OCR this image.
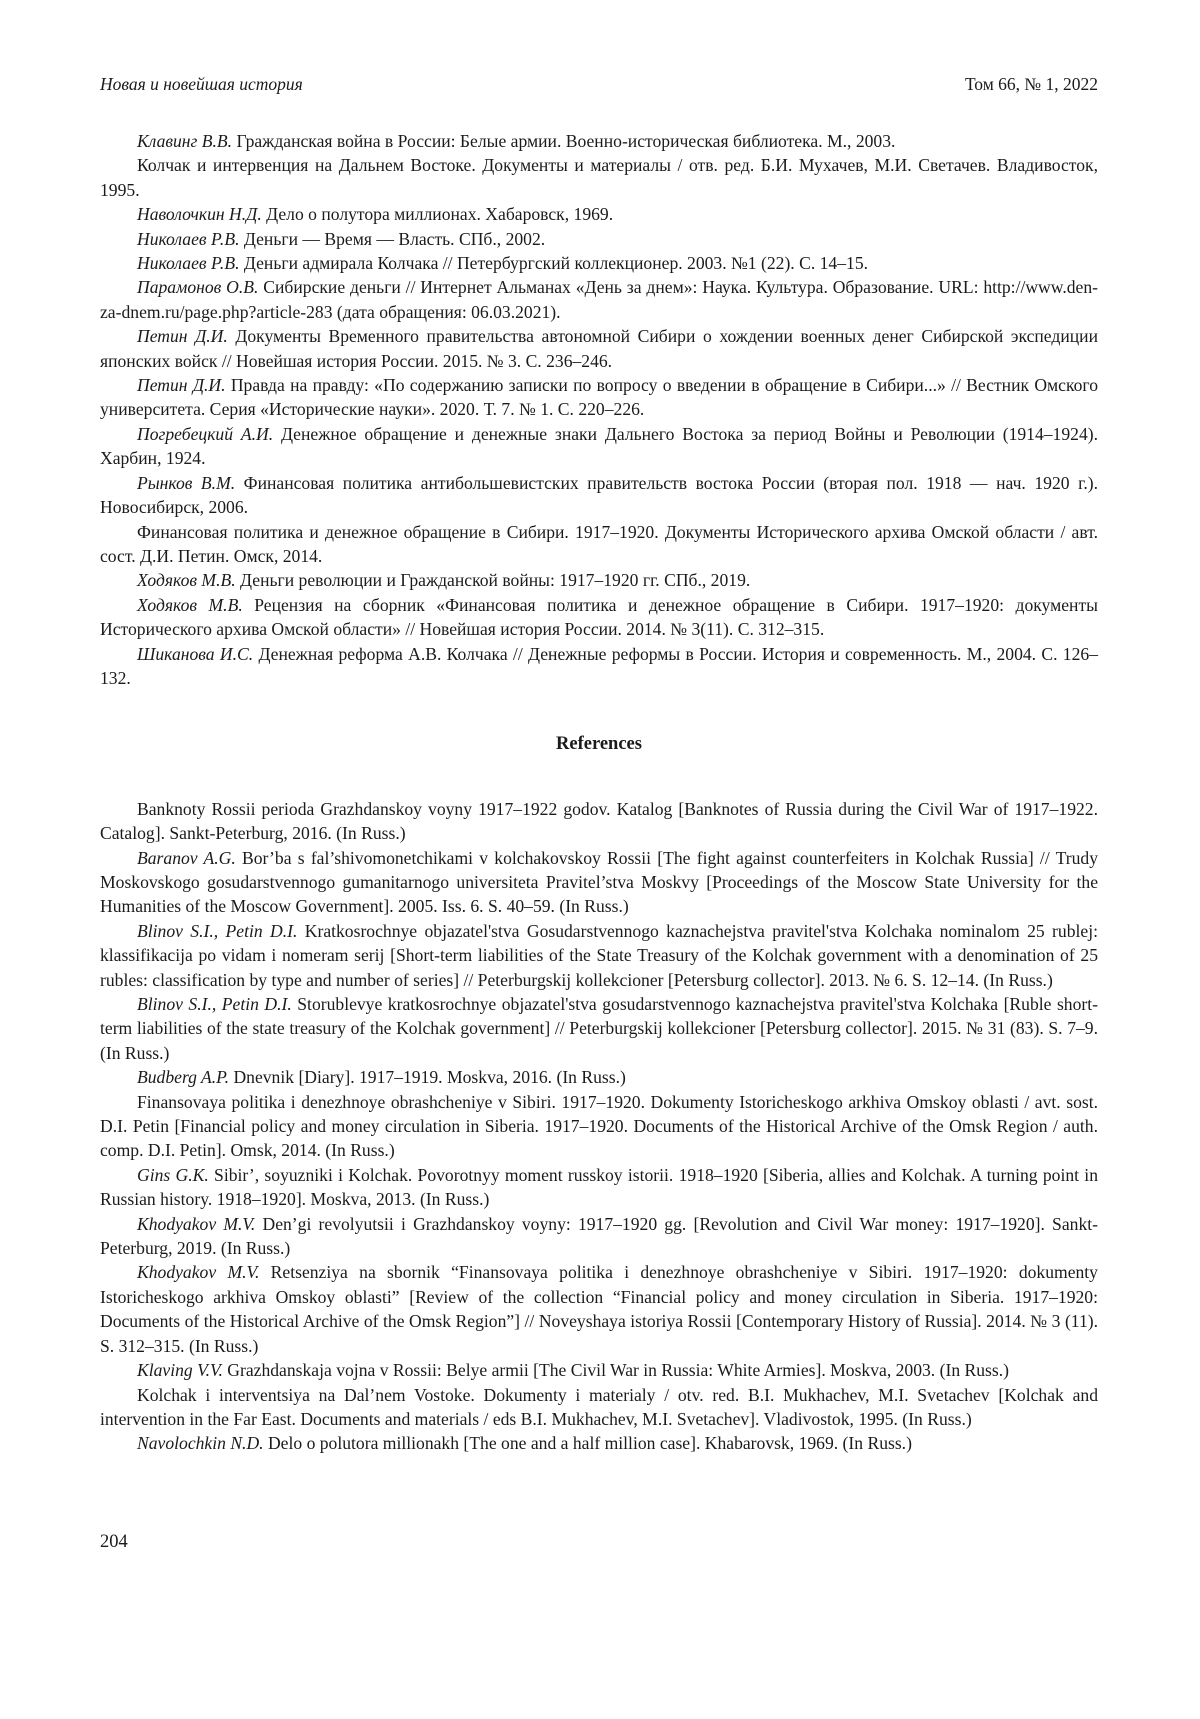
Новая и новейшая история	Том 66, № 1, 2022

Клавинг В.В. Гражданская война в России: Белые армии. Военно-историческая библиотека. М., 2003.

Колчак и интервенция на Дальнем Востоке. Документы и материалы / отв. ред. Б.И. Мухачев, М.И. Светачев. Владивосток, 1995.

Наволочкин Н.Д. Дело о полутора миллионах. Хабаровск, 1969.

Николаев Р.В. Деньги — Время — Власть. СПб., 2002.

Николаев Р.В. Деньги адмирала Колчака // Петербургский коллекционер. 2003. №1 (22). С. 14–15.

Парамонов О.В. Сибирские деньги // Интернет Альманах «День за днем»: Наука. Культура. Образование. URL: http://www.den-za-dnem.ru/page.php?article-283 (дата обращения: 06.03.2021).

Петин Д.И. Документы Временного правительства автономной Сибири о хождении военных денег Сибирской экспедиции японских войск // Новейшая история России. 2015. № 3. С. 236–246.

Петин Д.И. Правда на правду: «По содержанию записки по вопросу о введении в обращение в Сибири...» // Вестник Омского университета. Серия «Исторические науки». 2020. Т. 7. № 1. С. 220–226.

Погребецкий А.И. Денежное обращение и денежные знаки Дальнего Востока за период Войны и Революции (1914–1924). Харбин, 1924.

Рынков В.М. Финансовая политика антибольшевистских правительств востока России (вторая пол. 1918 — нач. 1920 г.). Новосибирск, 2006.

Финансовая политика и денежное обращение в Сибири. 1917–1920. Документы Исторического архива Омской области / авт. сост. Д.И. Петин. Омск, 2014.

Ходяков М.В. Деньги революции и Гражданской войны: 1917–1920 гг. СПб., 2019.

Ходяков М.В. Рецензия на сборник «Финансовая политика и денежное обращение в Сибири. 1917–1920: документы Исторического архива Омской области» // Новейшая история России. 2014. № 3(11). С. 312–315.

Шиканова И.С. Денежная реформа А.В. Колчака // Денежные реформы в России. История и современность. М., 2004. С. 126–132.

References

Banknoty Rossii perioda Grazhdanskoy voyny 1917–1922 godov. Katalog [Banknotes of Russia during the Civil War of 1917–1922. Catalog]. Sankt-Peterburg, 2016. (In Russ.)

Baranov A.G. Bor’ba s fal’shivomonetchikami v kolchakovskoy Rossii [The fight against counterfeiters in Kolchak Russia] // Trudy Moskovskogo gosudarstvennogo gumanitarnogo universiteta Pravitel’stva Moskvy [Proceedings of the Moscow State University for the Humanities of the Moscow Government]. 2005. Iss. 6. S. 40–59. (In Russ.)

Blinov S.I., Petin D.I. Kratkosrochnye objazatel'stva Gosudarstvennogo kaznachejstva pravitel'stva Kolchaka nominalom 25 rublej: klassifikacija po vidam i nomeram serij [Short-term liabilities of the State Treasury of the Kolchak government with a denomination of 25 rubles: classification by type and number of series] // Peterburgskij kollekcioner [Petersburg collector]. 2013. № 6. S. 12–14. (In Russ.)

Blinov S.I., Petin D.I. Storublevye kratkosrochnye objazatel'stva gosudarstvennogo kaznachejstva pravitel'stva Kolchaka [Ruble short-term liabilities of the state treasury of the Kolchak government] // Peterburgskij kollekcioner [Petersburg collector]. 2015. № 31 (83). S. 7–9. (In Russ.)

Budberg A.P. Dnevnik [Diary]. 1917–1919. Moskva, 2016. (In Russ.)

Finansovaya politika i denezhnoye obrashcheniye v Sibiri. 1917–1920. Dokumenty Istoricheskogo arkhiva Omskoy oblasti / avt. sost. D.I. Petin [Financial policy and money circulation in Siberia. 1917–1920. Documents of the Historical Archive of the Omsk Region / auth. comp. D.I. Petin]. Omsk, 2014. (In Russ.)

Gins G.K. Sibir’, soyuzniki i Kolchak. Povorotnyy moment russkoy istorii. 1918–1920 [Siberia, allies and Kolchak. A turning point in Russian history. 1918–1920]. Moskva, 2013. (In Russ.)

Khodyakov M.V. Den’gi revolyutsii i Grazhdanskoy voyny: 1917–1920 gg. [Revolution and Civil War money: 1917–1920]. Sankt-Peterburg, 2019. (In Russ.)

Khodyakov M.V. Retsenziya na sbornik “Finansovaya politika i denezhnoye obrashcheniye v Sibiri. 1917–1920: dokumenty Istoricheskogo arkhiva Omskoy oblasti” [Review of the collection “Financial policy and money circulation in Siberia. 1917–1920: Documents of the Historical Archive of the Omsk Region”] // Noveyshaya istoriya Rossii [Contemporary History of Russia]. 2014. № 3 (11). S. 312–315. (In Russ.)

Klaving V.V. Grazhdanskaja vojna v Rossii: Belye armii [The Civil War in Russia: White Armies]. Moskva, 2003. (In Russ.)

Kolchak i interventsiya na Dal’nem Vostoke. Dokumenty i materialy / otv. red. B.I. Mukhachev, M.I. Svetachev [Kolchak and intervention in the Far East. Documents and materials / eds B.I. Mukhachev, M.I. Svetachev]. Vladivostok, 1995. (In Russ.)

Navolochkin N.D. Delo o polutora millionakh [The one and a half million case]. Khabarovsk, 1969. (In Russ.)

204
